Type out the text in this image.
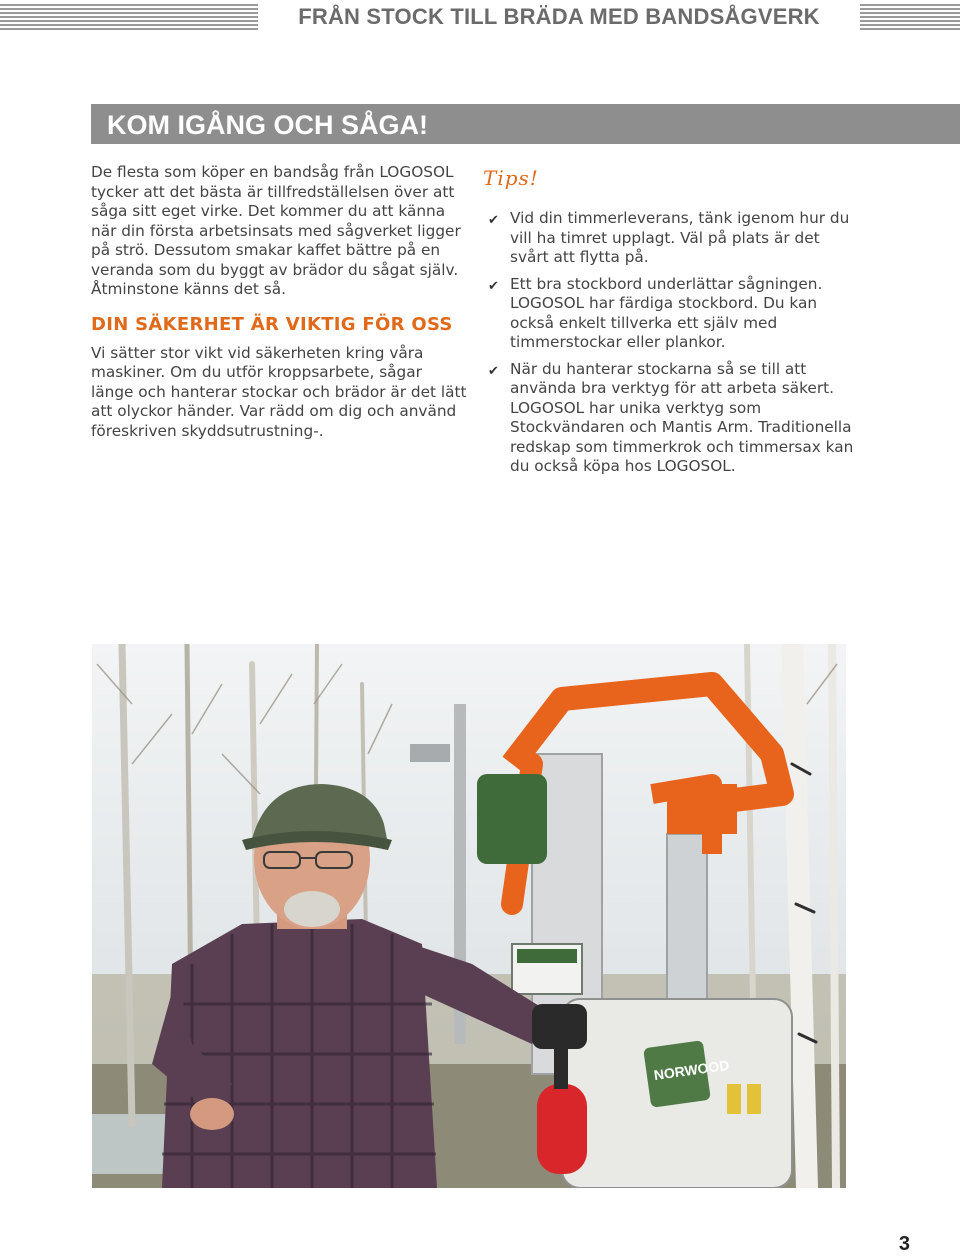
FRÅN STOCK TILL BRÄDA MED BANDSÅGVERK
KOM IGÅNG OCH SÅGA!

De flesta som köper en bandsåg från LOGOSOL tycker att det bästa är tillfredställelsen över att såga sitt eget virke. Det kommer du att känna när din första arbetsinsats med sågverket ligger på strö. Dessutom smakar kaffet bättre på en veranda som du byggt av brädor du sågat själv. Åtminstone känns det så.

DIN SÄKERHET ÄR VIKTIG FÖR OSS

Vi sätter stor vikt vid säkerheten kring våra maskiner. Om du utför kroppsarbete, sågar länge och hanterar stockar och brädor är det lätt att olyckor händer. Var rädd om dig och använd föreskriven skyddsutrustning-.

Tips!
✔ Vid din timmerleverans, tänk igenom hur du vill ha timret upplagt. Väl på plats är det svårt att flytta på.
✔ Ett bra stockbord underlättar sågningen. LOGOSOL har färdiga stockbord. Du kan också enkelt tillverka ett själv med timmerstockar eller plankor.
✔ När du hanterar stockarna så se till att använda bra verktyg för att arbeta säkert. LOGOSOL har unika verktyg som Stockvändaren och Mantis Arm. Traditionella redskap som timmerkrok och timmersax kan du också köpa hos LOGOSOL.
NORWOOD
3
